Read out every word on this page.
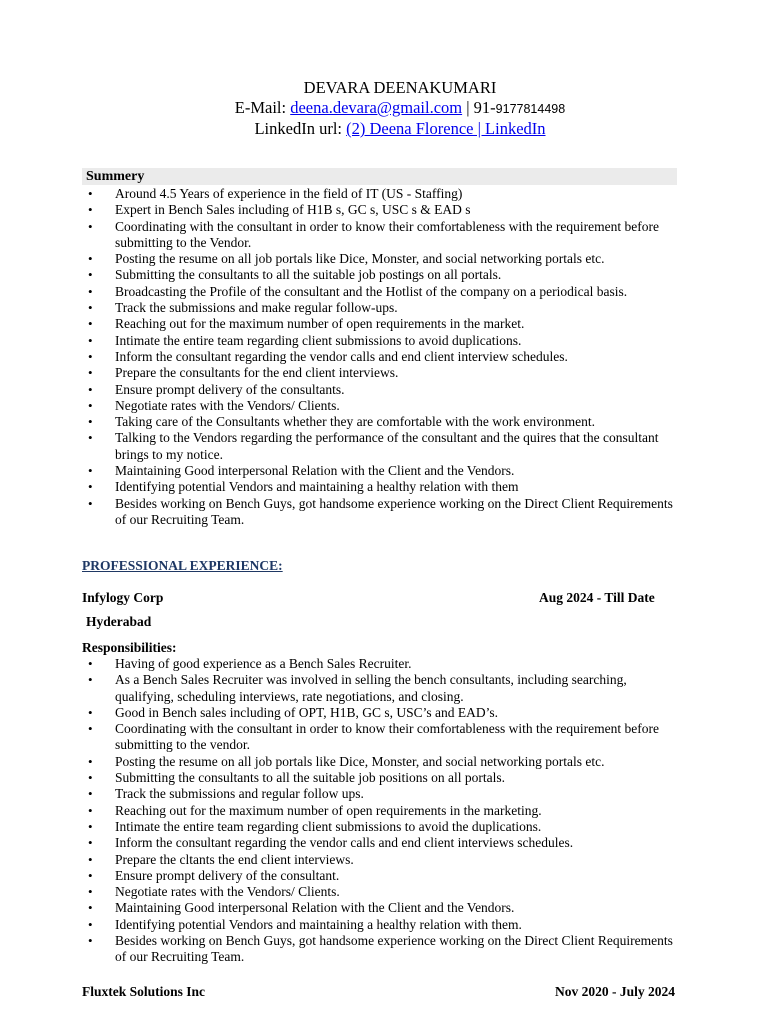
DEVARA DEENAKUMARI
E-Mail: deena.devara@gmail.com | 91-9177814498
LinkedIn url: (2) Deena Florence | LinkedIn
Summery
• Around 4.5 Years of experience in the field of IT (US - Staffing)
• Expert in Bench Sales including of H1B s, GC s, USC s & EAD s
• Coordinating with the consultant in order to know their comfortableness with the requirement before submitting to the Vendor.
• Posting the resume on all job portals like Dice, Monster, and social networking portals etc.
• Submitting the consultants to all the suitable job postings on all portals.
• Broadcasting the Profile of the consultant and the Hotlist of the company on a periodical basis.
• Track the submissions and make regular follow-ups.
• Reaching out for the maximum number of open requirements in the market.
• Intimate the entire team regarding client submissions to avoid duplications.
• Inform the consultant regarding the vendor calls and end client interview schedules.
• Prepare the consultants for the end client interviews.
• Ensure prompt delivery of the consultants.
• Negotiate rates with the Vendors/ Clients.
• Taking care of the Consultants whether they are comfortable with the work environment.
• Talking to the Vendors regarding the performance of the consultant and the quires that the consultant brings to my notice.
• Maintaining Good interpersonal Relation with the Client and the Vendors.
• Identifying potential Vendors and maintaining a healthy relation with them
• Besides working on Bench Guys, got handsome experience working on the Direct Client Requirements of our Recruiting Team.
PROFESSIONAL EXPERIENCE:
Infylogy Corp	Aug 2024 - Till Date
Hyderabad
Responsibilities:
• Having of good experience as a Bench Sales Recruiter.
• As a Bench Sales Recruiter was involved in selling the bench consultants, including searching, qualifying, scheduling interviews, rate negotiations, and closing.
• Good in Bench sales including of OPT, H1B, GC s, USC’s and EAD’s.
• Coordinating with the consultant in order to know their comfortableness with the requirement before submitting to the vendor.
• Posting the resume on all job portals like Dice, Monster, and social networking portals etc.
• Submitting the consultants to all the suitable job positions on all portals.
• Track the submissions and regular follow ups.
• Reaching out for the maximum number of open requirements in the marketing.
• Intimate the entire team regarding client submissions to avoid the duplications.
• Inform the consultant regarding the vendor calls and end client interviews schedules.
• Prepare the cltants the end client interviews.
• Ensure prompt delivery of the consultant.
• Negotiate rates with the Vendors/ Clients.
• Maintaining Good interpersonal Relation with the Client and the Vendors.
• Identifying potential Vendors and maintaining a healthy relation with them.
• Besides working on Bench Guys, got handsome experience working on the Direct Client Requirements of our Recruiting Team.
Fluxtek Solutions Inc	Nov 2020 - July 2024
